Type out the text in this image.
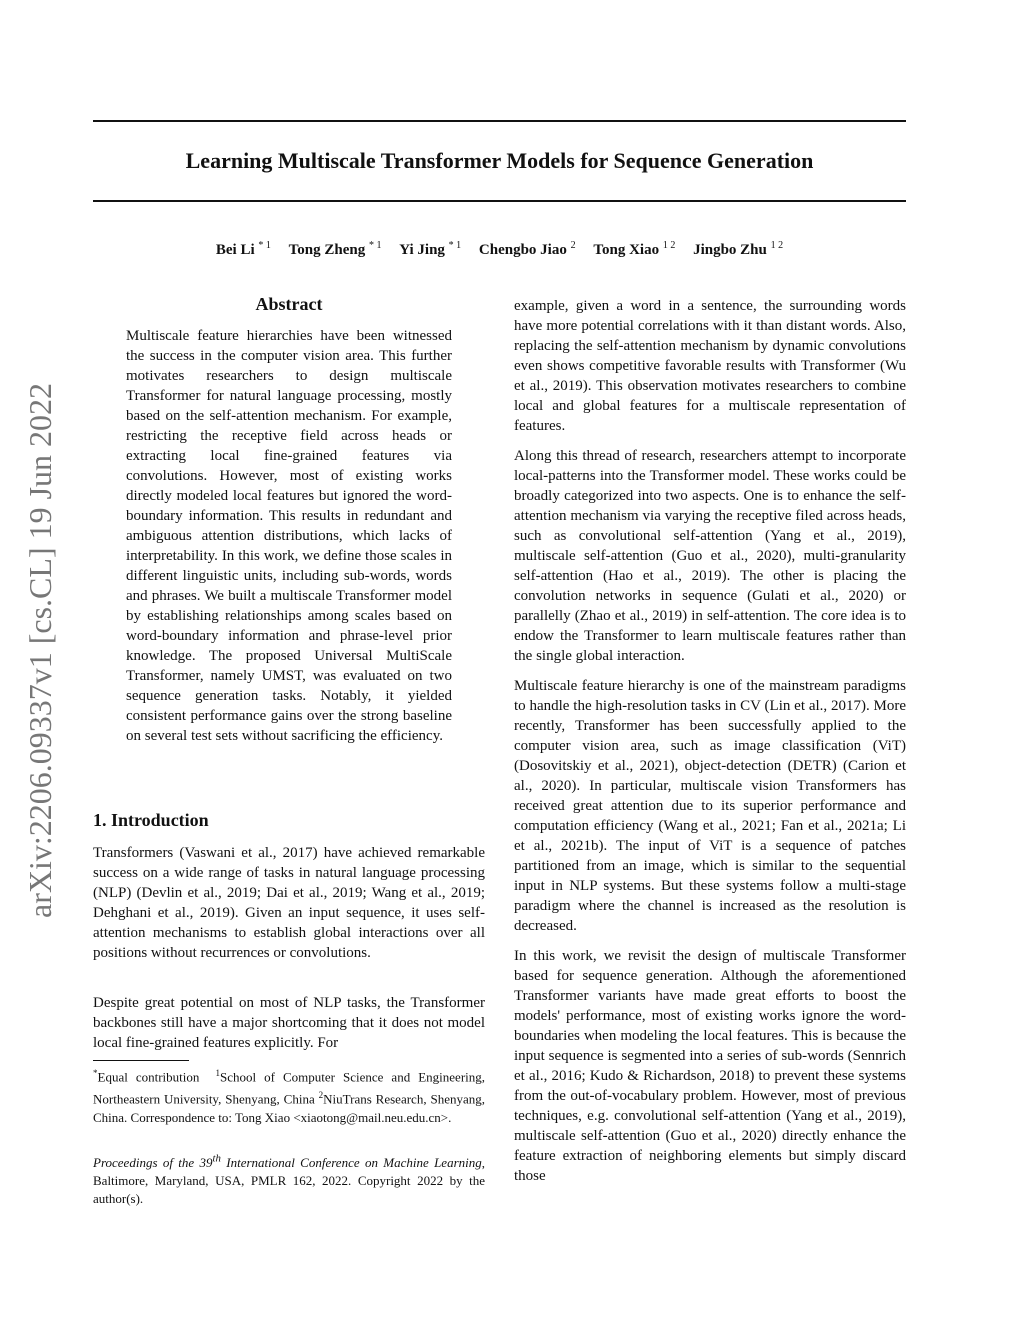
arXiv:2206.09337v1 [cs.CL] 19 Jun 2022
Learning Multiscale Transformer Models for Sequence Generation
Bei Li $^{* 1}$ Tong Zheng $^{* 1}$ Yi Jing $^{* 1}$ Chengbo Jiao $^2$ Tong Xiao $^{1 2}$ Jingbo Zhu $^{1 2}$
Abstract
Multiscale feature hierarchies have been witnessed the success in the computer vision area. This further motivates researchers to design multiscale Transformer for natural language processing, mostly based on the self-attention mechanism. For example, restricting the receptive field across heads or extracting local fine-grained features via convolutions. However, most of existing works directly modeled local features but ignored the word-boundary information. This results in redundant and ambiguous attention distributions, which lacks of interpretability. In this work, we define those scales in different linguistic units, including sub-words, words and phrases. We built a multiscale Transformer model by establishing relationships among scales based on word-boundary information and phrase-level prior knowledge. The proposed Universal MultiScale Transformer, namely UMST, was evaluated on two sequence generation tasks. Notably, it yielded consistent performance gains over the strong baseline on several test sets without sacrificing the efficiency.
1. Introduction
Transformers (Vaswani et al., 2017) have achieved remarkable success on a wide range of tasks in natural language processing (NLP) (Devlin et al., 2019; Dai et al., 2019; Wang et al., 2019; Dehghani et al., 2019). Given an input sequence, it uses self-attention mechanisms to establish global interactions over all positions without recurrences or convolutions.
Despite great potential on most of NLP tasks, the Transformer backbones still have a major shortcoming that it does not model local fine-grained features explicitly. For
*Equal contribution $^1$School of Computer Science and Engineering, Northeastern University, Shenyang, China $^2$NiuTrans Research, Shenyang, China. Correspondence to: Tong Xiao <xiaotong@mail.neu.edu.cn>.
Proceedings of the 39th International Conference on Machine Learning, Baltimore, Maryland, USA, PMLR 162, 2022. Copyright 2022 by the author(s).
example, given a word in a sentence, the surrounding words have more potential correlations with it than distant words. Also, replacing the self-attention mechanism by dynamic convolutions even shows competitive favorable results with Transformer (Wu et al., 2019). This observation motivates researchers to combine local and global features for a multiscale representation of features.
Along this thread of research, researchers attempt to incorporate local-patterns into the Transformer model. These works could be broadly categorized into two aspects. One is to enhance the self-attention mechanism via varying the receptive filed across heads, such as convolutional self-attention (Yang et al., 2019), multiscale self-attention (Guo et al., 2020), multi-granularity self-attention (Hao et al., 2019). The other is placing the convolution networks in sequence (Gulati et al., 2020) or parallelly (Zhao et al., 2019) in self-attention. The core idea is to endow the Transformer to learn multiscale features rather than the single global interaction.
Multiscale feature hierarchy is one of the mainstream paradigms to handle the high-resolution tasks in CV (Lin et al., 2017). More recently, Transformer has been successfully applied to the computer vision area, such as image classification (ViT) (Dosovitskiy et al., 2021), object-detection (DETR) (Carion et al., 2020). In particular, multiscale vision Transformers has received great attention due to its superior performance and computation efficiency (Wang et al., 2021; Fan et al., 2021a; Li et al., 2021b). The input of ViT is a sequence of patches partitioned from an image, which is similar to the sequential input in NLP systems. But these systems follow a multi-stage paradigm where the channel is increased as the resolution is decreased.
In this work, we revisit the design of multiscale Transformer based for sequence generation. Although the aforementioned Transformer variants have made great efforts to boost the models' performance, most of existing works ignore the word-boundaries when modeling the local features. This is because the input sequence is segmented into a series of sub-words (Sennrich et al., 2016; Kudo & Richardson, 2018) to prevent these systems from the out-of-vocabulary problem. However, most of previous techniques, e.g. convolutional self-attention (Yang et al., 2019), multiscale self-attention (Guo et al., 2020) directly enhance the feature extraction of neighboring elements but simply discard those
